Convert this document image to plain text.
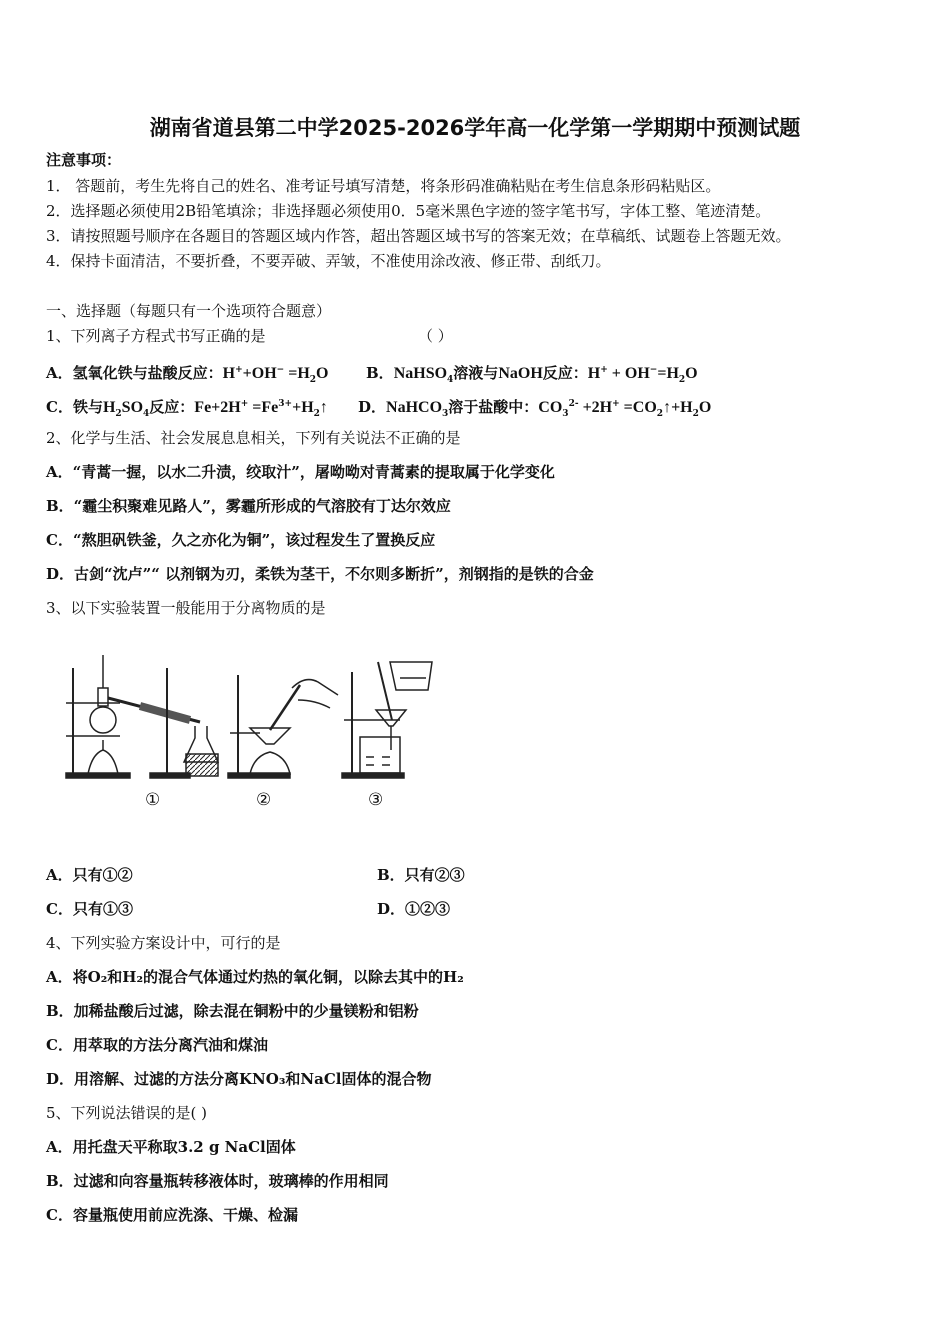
湖南省道县第二中学2025-2026学年高一化学第一学期期中预测试题
注意事项：
1． 答题前，考生先将自己的姓名、准考证号填写清楚，将条形码准确粘贴在考生信息条形码粘贴区。
2．选择题必须使用2B铅笔填涂；非选择题必须使用0．5毫米黑色字迹的签字笔书写，字体工整、笔迹清楚。
3．请按照题号顺序在各题目的答题区域内作答，超出答题区域书写的答案无效；在草稿纸、试题卷上答题无效。
4．保持卡面清洁，不要折叠，不要弄破、弄皱，不准使用涂改液、修正带、刮纸刀。
一、选择题（每题只有一个选项符合题意）
1、下列离子方程式书写正确的是	（ ）
A．氢氧化铁与盐酸反应：$H^++OH^- =H_2O$	B．NaHSO$_4$溶液与NaOH反应：$H^+ + OH^-=H_2O$
C．铁与$H_2SO_4$反应：$Fe+2H^+ =Fe^{3+}+H_2↑$ D．NaHCO$_3$溶于盐酸中：$CO_3^{2-} +2H^+$ $=CO_2↑+H_2O$
2、化学与生活、社会发展息息相关，下列有关说法不正确的是
A．“青蒿一握，以水二升渍，绞取汁”，屠呦呦对青蒿素的提取属于化学变化
B．“霾尘积聚难见路人”，雾霾所形成的气溶胶有丁达尔效应
C．“熬胆矾铁釜，久之亦化为铜”，该过程发生了置换反应
D．古剑“沈卢”“ 以剂钢为刃，柔铁为茎干，不尔则多断折”，剂钢指的是铁的合金
3、以下实验装置一般能用于分离物质的是
①	②	③
A．只有①②	B．只有②③
C．只有①③	D．①②③
4、下列实验方案设计中，可行的是
A．将O₂和H₂的混合气体通过灼热的氧化铜，以除去其中的H₂
B．加稀盐酸后过滤，除去混在铜粉中的少量镁粉和铝粉
C．用萃取的方法分离汽油和煤油
D．用溶解、过滤的方法分离KNO₃和NaCl固体的混合物
5、下列说法错误的是( )
A．用托盘天平称取3.2 g NaCl固体
B．过滤和向容量瓶转移液体时，玻璃棒的作用相同
C．容量瓶使用前应洗涤、干燥、检漏
